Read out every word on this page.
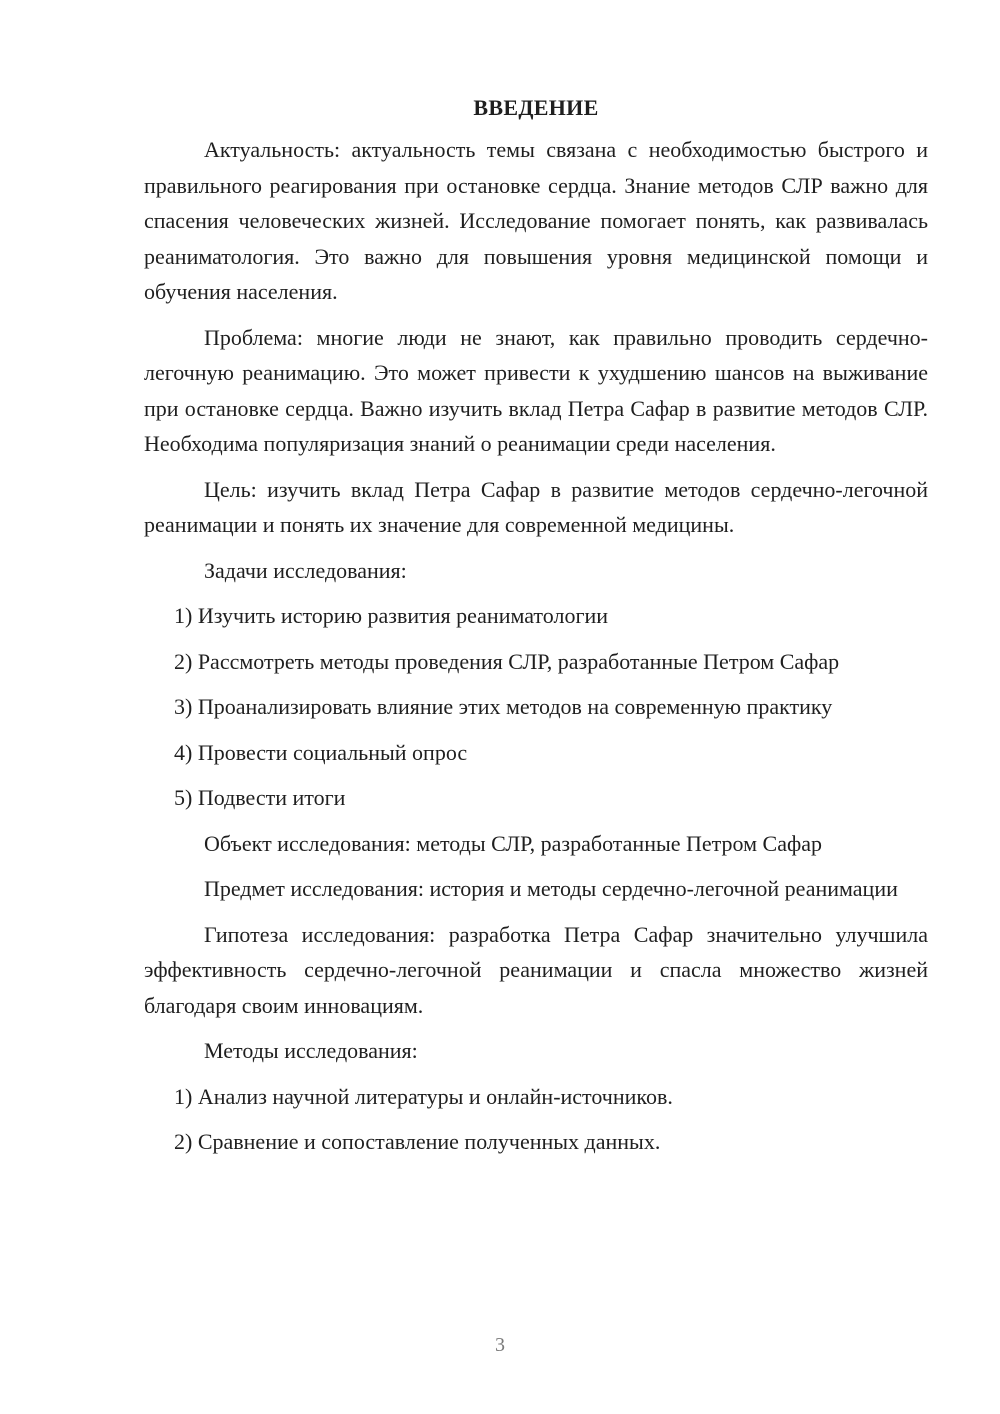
ВВЕДЕНИЕ

Актуальность: актуальность темы связана с необходимостью быстрого и правильного реагирования при остановке сердца. Знание методов СЛР важно для спасения человеческих жизней. Исследование помогает понять, как развивалась реаниматология. Это важно для повышения уровня медицинской помощи и обучения населения.

Проблема: многие люди не знают, как правильно проводить сердечно-легочную реанимацию. Это может привести к ухудшению шансов на выживание при остановке сердца. Важно изучить вклад Петра Сафар в развитие методов СЛР. Необходима популяризация знаний о реанимации среди населения.

Цель: изучить вклад Петра Сафар в развитие методов сердечно-легочной реанимации и понять их значение для современной медицины.

Задачи исследования:

1) Изучить историю развития реаниматологии

2) Рассмотреть методы проведения СЛР, разработанные Петром Сафар

3) Проанализировать влияние этих методов на современную практику

4) Провести социальный опрос

5) Подвести итоги

Объект исследования: методы СЛР, разработанные Петром Сафар

Предмет исследования: история и методы сердечно-легочной реанимации

Гипотеза исследования: разработка Петра Сафар значительно улучшила эффективность сердечно-легочной реанимации и спасла множество жизней благодаря своим инновациям.

Методы исследования:

1) Анализ научной литературы и онлайн-источников.

2) Сравнение и сопоставление полученных данных.

3
